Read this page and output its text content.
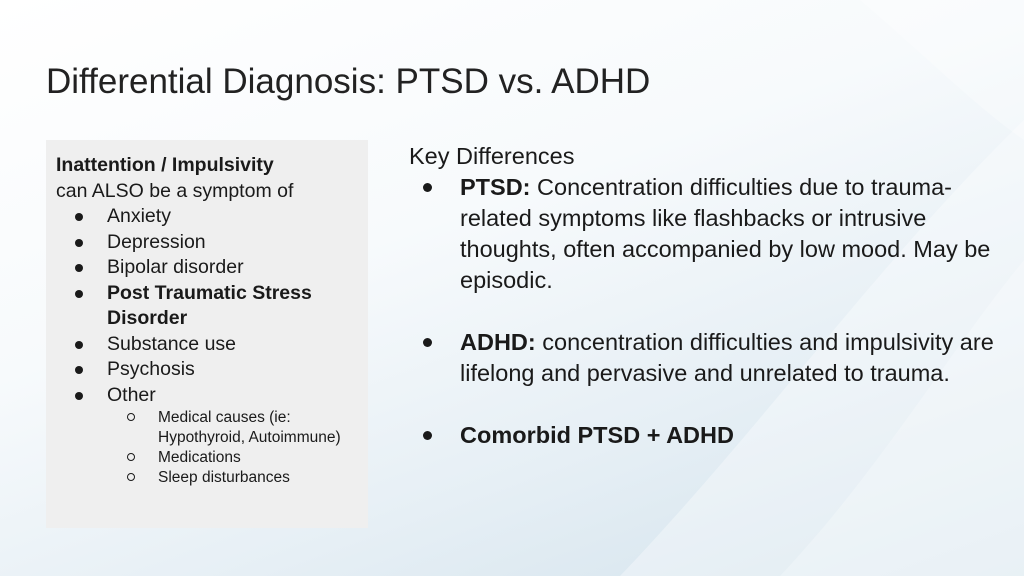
Differential Diagnosis: PTSD vs. ADHD
Inattention / Impulsivity
can ALSO be a symptom of
Anxiety
Depression
Bipolar disorder
Post Traumatic Stress Disorder
Substance use
Psychosis
Other
Medical causes (ie: Hypothyroid, Autoimmune)
Medications
Sleep disturbances

Key Differences

PTSD: Concentration difficulties due to trauma-related symptoms like flashbacks or intrusive thoughts, often accompanied by low mood. May be episodic.
ADHD: concentration difficulties and impulsivity are lifelong and pervasive and unrelated to trauma.
Comorbid PTSD + ADHD
